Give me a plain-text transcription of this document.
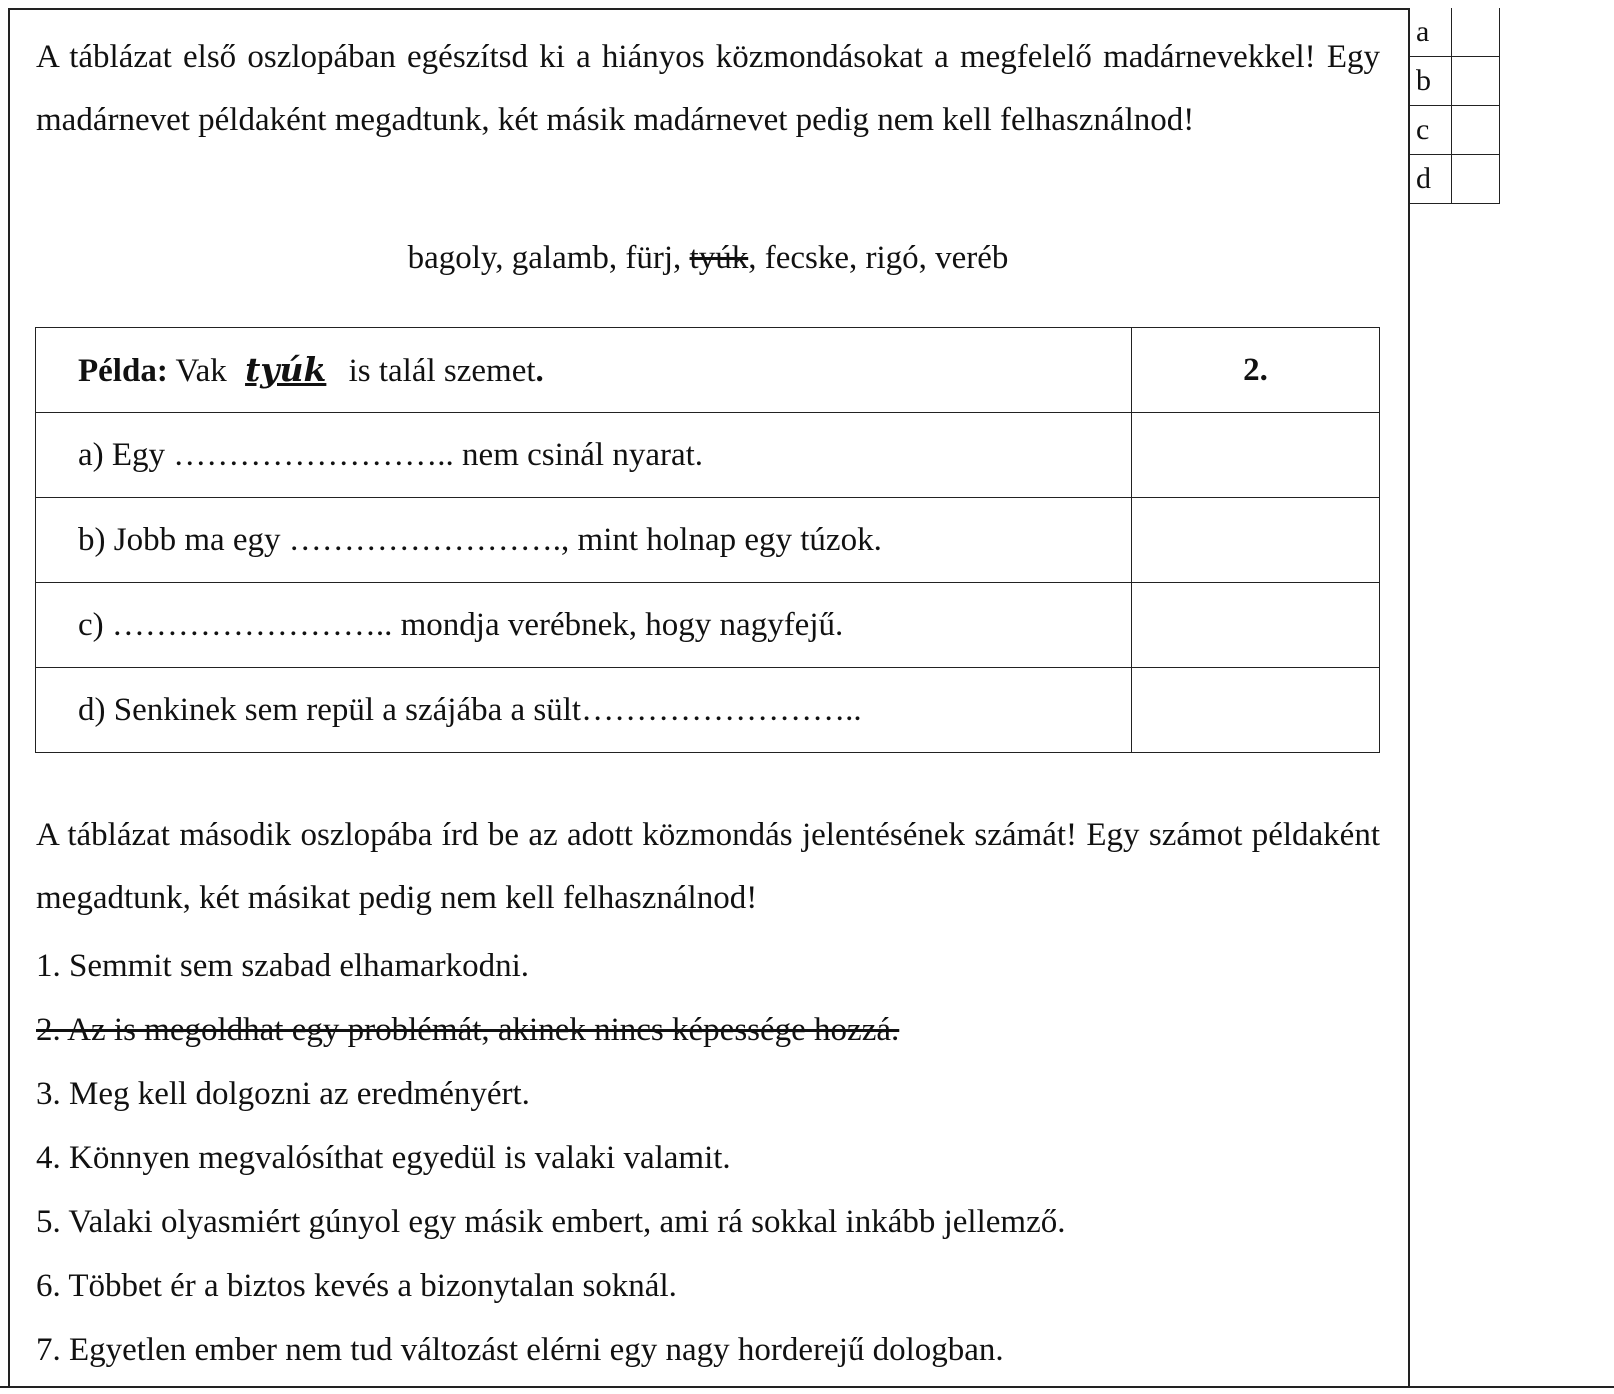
a	
b	
c	
d	
A táblázat első oszlopában egészítsd ki a hiányos közmondásokat a megfelelő madárnevekkel! Egy madárnevet példaként megadtunk, két másik madárnevet pedig nem kell felhasználnod!
bagoly, galamb, fürj, tyúk, fecske, rigó, veréb
Példa: Vak tyúk is talál szemet.	2.
a) Egy …………………….. nem csinál nyarat.	
b) Jobb ma egy ……………………., mint holnap egy túzok.	
c) …………………….. mondja verébnek, hogy nagyfejű.	
d) Senkinek sem repül a szájába a sült……………………..	
A táblázat második oszlopába írd be az adott közmondás jelentésének számát! Egy számot példaként megadtunk, két másikat pedig nem kell felhasználnod!
1. Semmit sem szabad elhamarkodni.
2. Az is megoldhat egy problémát, akinek nincs képessége hozzá.
3. Meg kell dolgozni az eredményért.
4. Könnyen megvalósíthat egyedül is valaki valamit.
5. Valaki olyasmiért gúnyol egy másik embert, ami rá sokkal inkább jellemző.
6. Többet ér a biztos kevés a bizonytalan soknál.
7. Egyetlen ember nem tud változást elérni egy nagy horderejű dologban.
